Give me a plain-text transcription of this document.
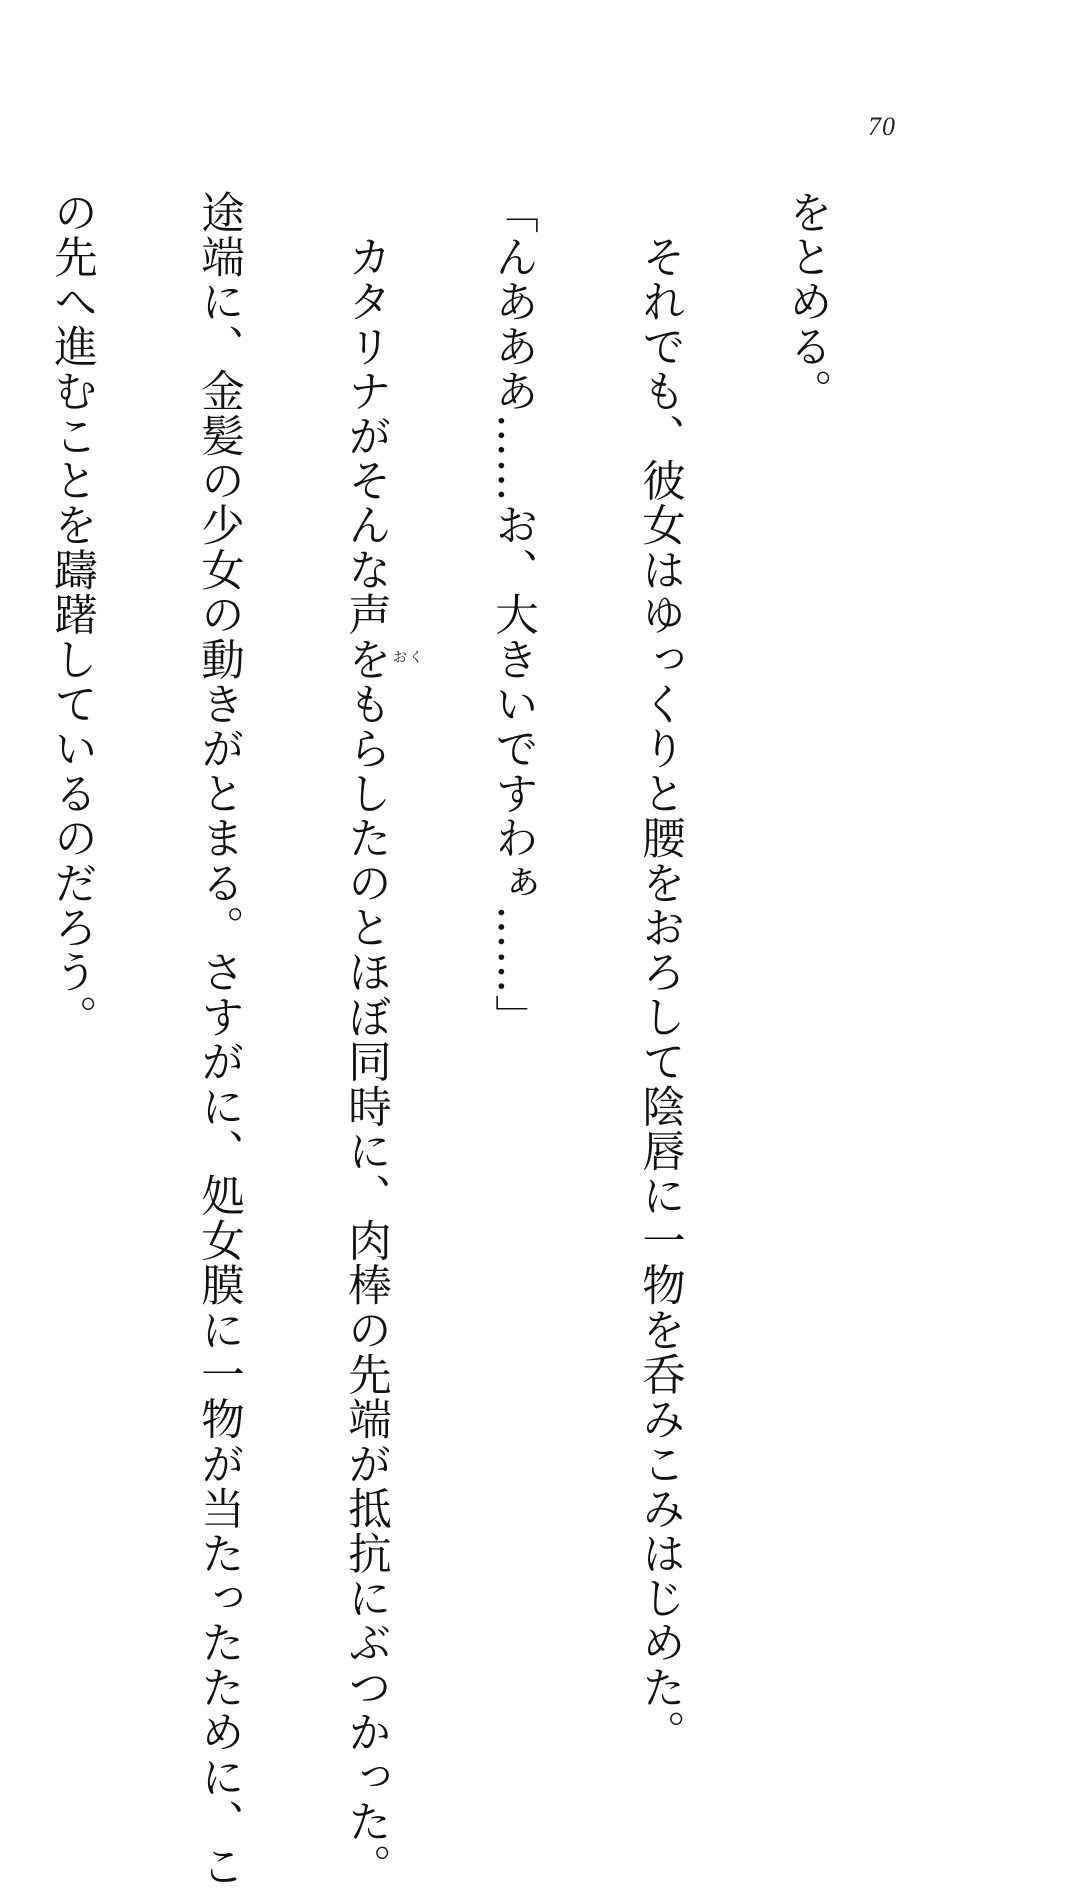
70

をとめる。

　それでも、彼女はゆっくりと腰をおろして陰唇に一物を呑みこみはじめた。

「んあああ……お、大きいですわぁ……」

　カタリナがそんな声をもらしたのとほぼ同時に、肉棒の先端が抵抗にぶつかった。

途端に、金髪の少女の動きがとまる。さすがに、処女膜に一物が当たったために、こ

の先へ進むことを躊躇しているのだろう。

	おく
